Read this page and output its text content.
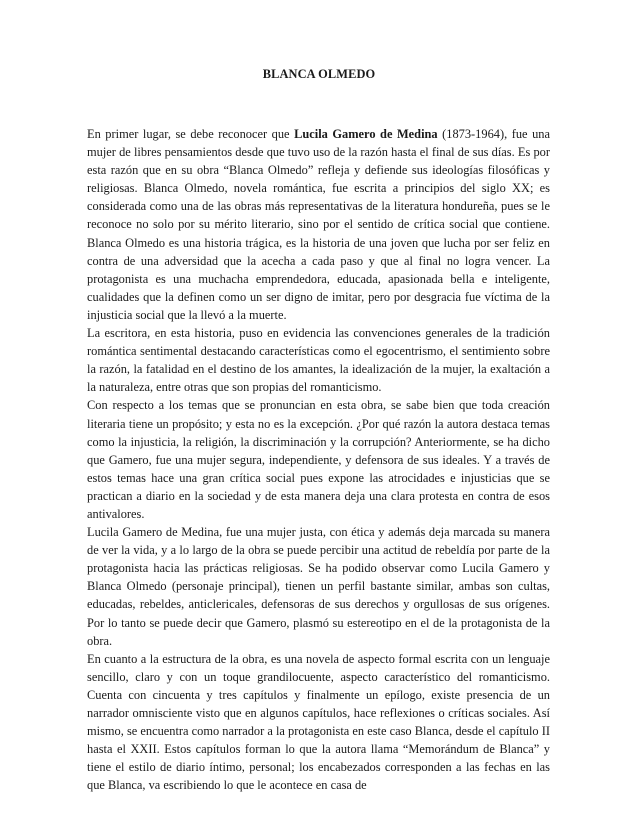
BLANCA OLMEDO

En primer lugar, se debe reconocer que Lucila Gamero de Medina (1873-1964), fue una mujer de libres pensamientos desde que tuvo uso de la razón hasta el final de sus días. Es por esta razón que en su obra “Blanca Olmedo” refleja y defiende sus ideologías filosóficas y religiosas. Blanca Olmedo, novela romántica, fue escrita a principios del siglo XX; es considerada como una de las obras más representativas de la literatura hondureña, pues se le reconoce no solo por su mérito literario, sino por el sentido de crítica social que contiene. Blanca Olmedo es una historia trágica, es la historia de una joven que lucha por ser feliz en contra de una adversidad que la acecha a cada paso y que al final no logra vencer. La protagonista es una muchacha emprendedora, educada, apasionada bella e inteligente, cualidades que la definen como un ser digno de imitar, pero por desgracia fue víctima de la injusticia social que la llevó a la muerte.

La escritora, en esta historia, puso en evidencia las convenciones generales de la tradición romántica sentimental destacando características como el egocentrismo, el sentimiento sobre la razón, la fatalidad en el destino de los amantes, la idealización de la mujer, la exaltación a la naturaleza, entre otras que son propias del romanticismo.

Con respecto a los temas que se pronuncian en esta obra, se sabe bien que toda creación literaria tiene un propósito; y esta no es la excepción. ¿Por qué razón la autora destaca temas como la injusticia, la religión, la discriminación y la corrupción? Anteriormente, se ha dicho que Gamero, fue una mujer segura, independiente, y defensora de sus ideales. Y a través de estos temas hace una gran crítica social pues expone las atrocidades e injusticias que se practican a diario en la sociedad y de esta manera deja una clara protesta en contra de esos antivalores.

Lucila Gamero de Medina, fue una mujer justa, con ética y además deja marcada su manera de ver la vida, y a lo largo de la obra se puede percibir una actitud de rebeldía por parte de la protagonista hacia las prácticas religiosas. Se ha podido observar como Lucila Gamero y Blanca Olmedo (personaje principal), tienen un perfil bastante similar, ambas son cultas, educadas, rebeldes, anticlericales, defensoras de sus derechos y orgullosas de sus orígenes. Por lo tanto se puede decir que Gamero, plasmó su estereotipo en el de la protagonista de la obra.

En cuanto a la estructura de la obra, es una novela de aspecto formal escrita con un lenguaje sencillo, claro y con un toque grandilocuente, aspecto característico del romanticismo. Cuenta con cincuenta y tres capítulos y finalmente un epílogo, existe presencia de un narrador omnisciente visto que en algunos capítulos, hace reflexiones o críticas sociales. Así mismo, se encuentra como narrador a la protagonista en este caso Blanca, desde el capítulo II hasta el XXII. Estos capítulos forman lo que la autora llama “Memorándum de Blanca” y tiene el estilo de diario íntimo, personal; los encabezados corresponden a las fechas en las que Blanca, va escribiendo lo que le acontece en casa de
